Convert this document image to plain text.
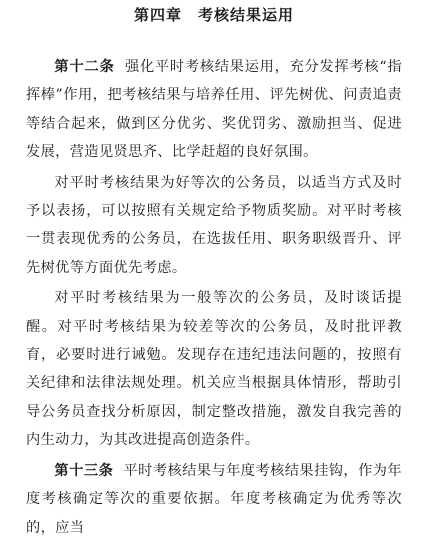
第四章　考核结果运用

第十二条 强化平时考核结果运用，充分发挥考核“指挥棒”作用，把考核结果与培养任用、评先树优、问责追责等结合起来，做到区分优劣、奖优罚劣、激励担当、促进发展，营造见贤思齐、比学赶超的良好氛围。

对平时考核结果为好等次的公务员，以适当方式及时予以表扬，可以按照有关规定给予物质奖励。对平时考核一贯表现优秀的公务员，在选拔任用、职务职级晋升、评先树优等方面优先考虑。

对平时考核结果为一般等次的公务员，及时谈话提醒。对平时考核结果为较差等次的公务员，及时批评教育，必要时进行诫勉。发现存在违纪违法问题的，按照有关纪律和法律法规处理。机关应当根据具体情形，帮助引导公务员查找分析原因，制定整改措施，激发自我完善的内生动力，为其改进提高创造条件。

第十三条 平时考核结果与年度考核结果挂钩，作为年度考核确定等次的重要依据。年度考核确定为优秀等次的，应当
